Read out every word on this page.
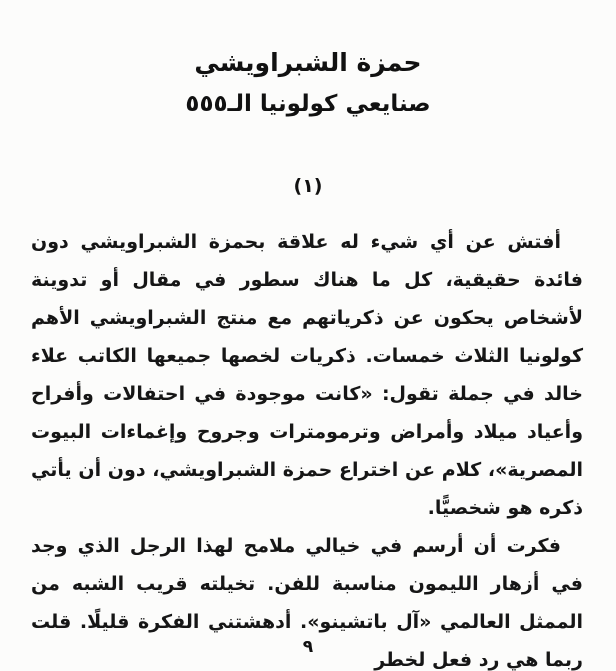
حمزة الشبراويشي
صنايعي كولونيا الـ٥٥٥
(١)

أفتش عن أي شيء له علاقة بحمزة الشبراويشي دون فائدة حقيقية، كل ما هناك سطور في مقال أو تدوينة لأشخاص يحكون عن ذكرياتهم مع منتج الشبراويشي الأهم كولونيا الثلاث خمسات. ذكريات لخصها جميعها الكاتب علاء خالد في جملة تقول: «كانت موجودة في احتفالات وأفراح وأعياد ميلاد وأمراض وترمومترات وجروح وإغماءات البيوت المصرية»، كلام عن اختراع حمزة الشبراويشي، دون أن يأتي ذكره هو شخصيًّا.

فكرت أن أرسم في خيالي ملامح لهذا الرجل الذي وجد في أزهار الليمون مناسبة للفن. تخيلته قريب الشبه من الممثل العالمي «آل باتشينو». أدهشتني الفكرة قليلًا. قلت ربما هي رد فعل لخطر

٩
